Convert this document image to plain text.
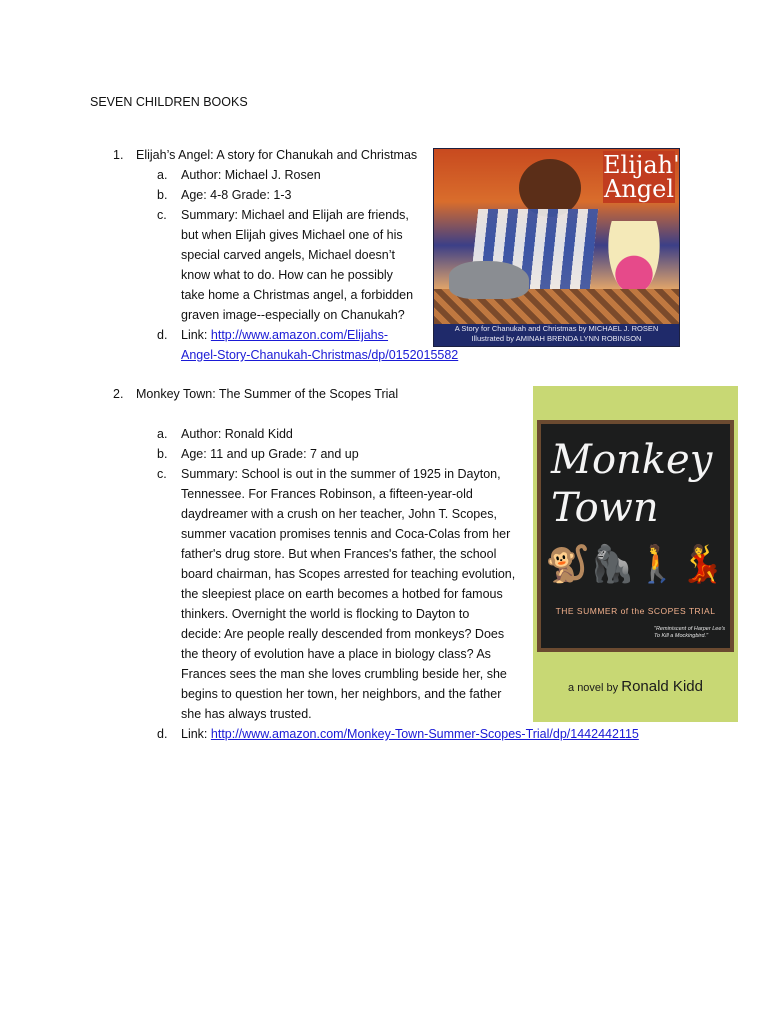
SEVEN CHILDREN BOOKS
1. Elijah’s Angel: A story for Chanukah and Christmas
a. Author: Michael J. Rosen
b. Age: 4-8 Grade: 1-3
c. Summary: Michael and Elijah are friends,
but when Elijah gives Michael one of his
special carved angels, Michael doesn’t
know what to do. How can he possibly
take home a Christmas angel, a forbidden
graven image--especially on Chanukah?
d. Link: http://www.amazon.com/Elijahs-
Angel-Story-Chanukah-Christmas/dp/0152015582
Elijah's
Angel
A Story for Chanukah and Christmas by MICHAEL J. ROSEN
Illustrated by AMINAH BRENDA LYNN ROBINSON
2. Monkey Town: The Summer of the Scopes Trial
a. Author: Ronald Kidd
b. Age: 11 and up Grade: 7 and up
c. Summary: School is out in the summer of 1925 in Dayton,
Tennessee. For Frances Robinson, a fifteen-year-old
daydreamer with a crush on her teacher, John T. Scopes,
summer vacation promises tennis and Coca-Colas from her
father's drug store. But when Frances's father, the school
board chairman, has Scopes arrested for teaching evolution,
the sleepiest place on earth becomes a hotbed for famous
thinkers. Overnight the world is flocking to Dayton to
decide: Are people really descended from monkeys? Does
the theory of evolution have a place in biology class? As
Frances sees the man she loves crumbling beside her, she
begins to question her town, her neighbors, and the father
she has always trusted.
d. Link: http://www.amazon.com/Monkey-Town-Summer-Scopes-Trial/dp/1442442115
Monkey
Town
🐒 🦍 🚶 💃
THE SUMMER of the SCOPES TRIAL
"Reminiscent of Harper Lee's To Kill a Mockingbird."
a novel by Ronald Kidd
